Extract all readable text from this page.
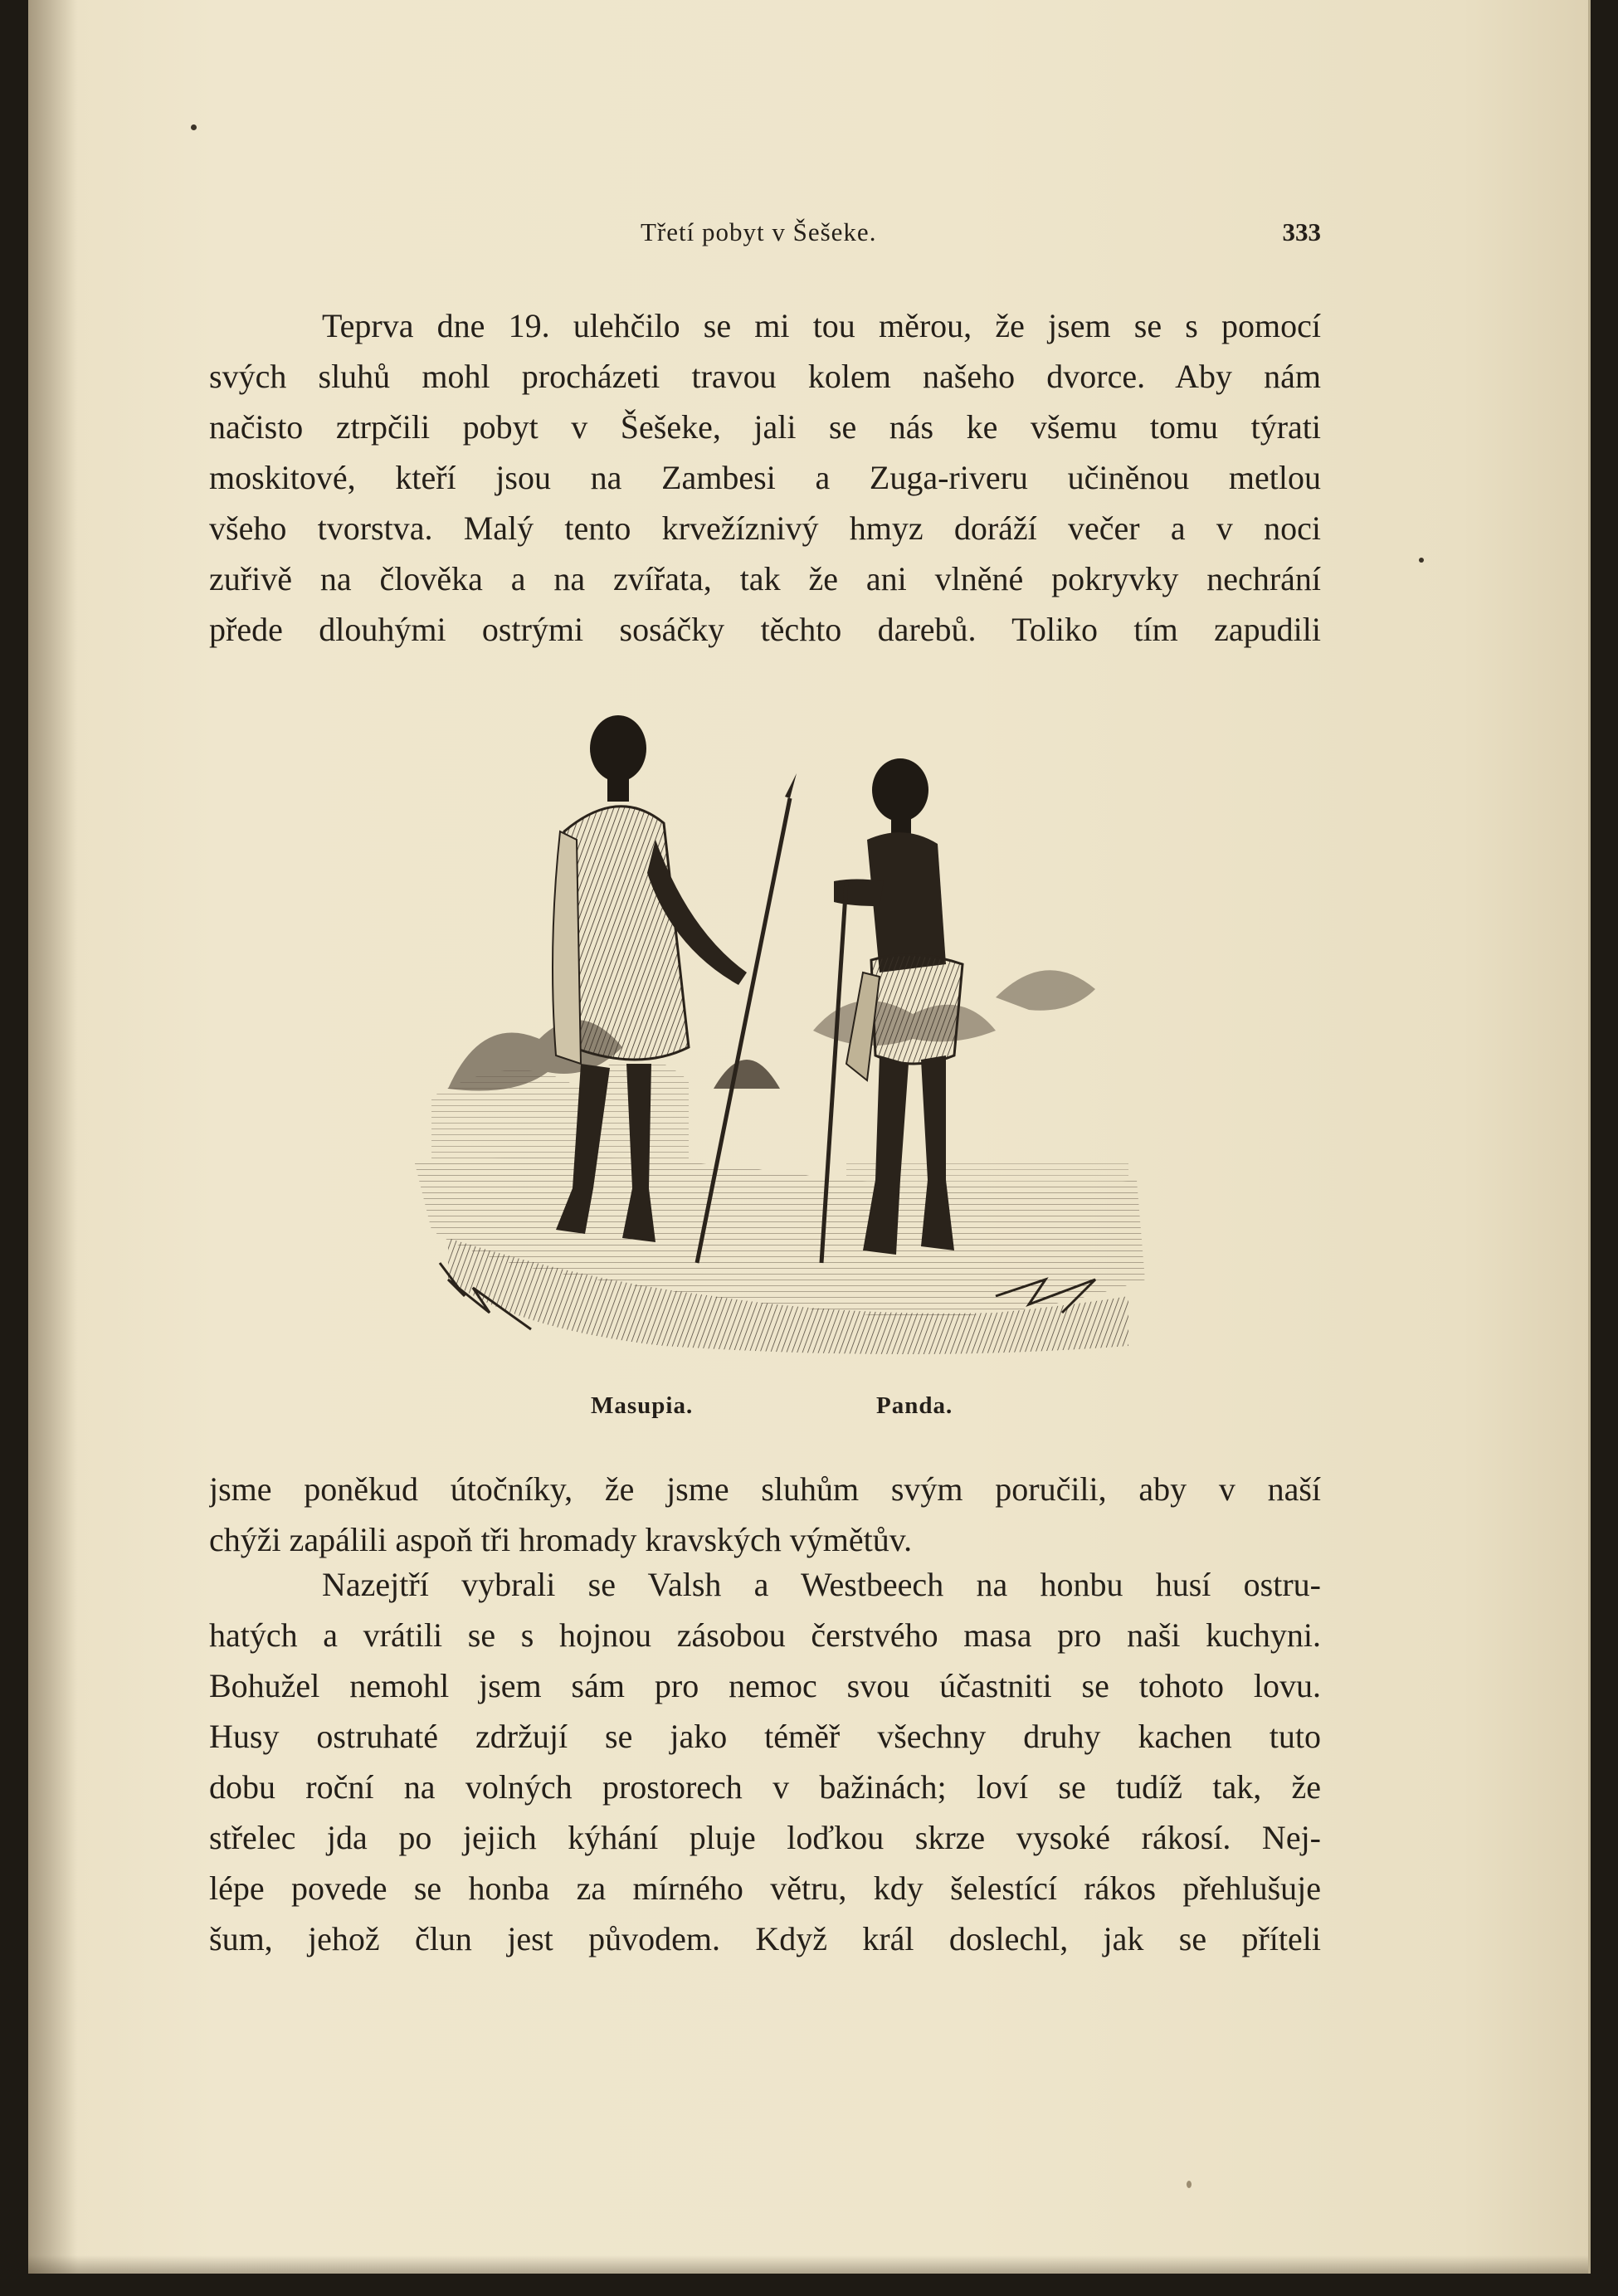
Třetí pobyt v Šešeke.	333
Teprva dne 19. ulehčilo se mi tou měrou, že jsem se s pomocí
svých sluhů mohl procházeti travou kolem našeho dvorce. Aby nám
načisto ztrpčili pobyt v Šešeke, jali se nás ke všemu tomu týrati
moskitové, kteří jsou na Zambesi a Zuga-riveru učiněnou metlou
všeho tvorstva. Malý tento krvežíznivý hmyz doráží večer a v noci
zuřivě na člověka a na zvířata, tak že ani vlněné pokryvky nechrání
přede dlouhými ostrými sosáčky těchto darebů. Toliko tím zapudili
Masupia.	Panda.
jsme poněkud útočníky, že jsme sluhům svým poručili, aby v naší
chýži zapálili aspoň tři hromady kravských výmětův.
Nazejtří vybrali se Valsh a Westbeech na honbu husí ostru-
hatých a vrátili se s hojnou zásobou čerstvého masa pro naši kuchyni.
Bohužel nemohl jsem sám pro nemoc svou účastniti se tohoto lovu.
Husy ostruhaté zdržují se jako téměř všechny druhy kachen tuto
dobu roční na volných prostorech v bažinách; loví se tudíž tak, že
střelec jda po jejich kýhání pluje loďkou skrze vysoké rákosí. Nej-
lépe povede se honba za mírného větru, kdy šelestící rákos přehlušuje
šum, jehož člun jest původem. Když král doslechl, jak se příteli
